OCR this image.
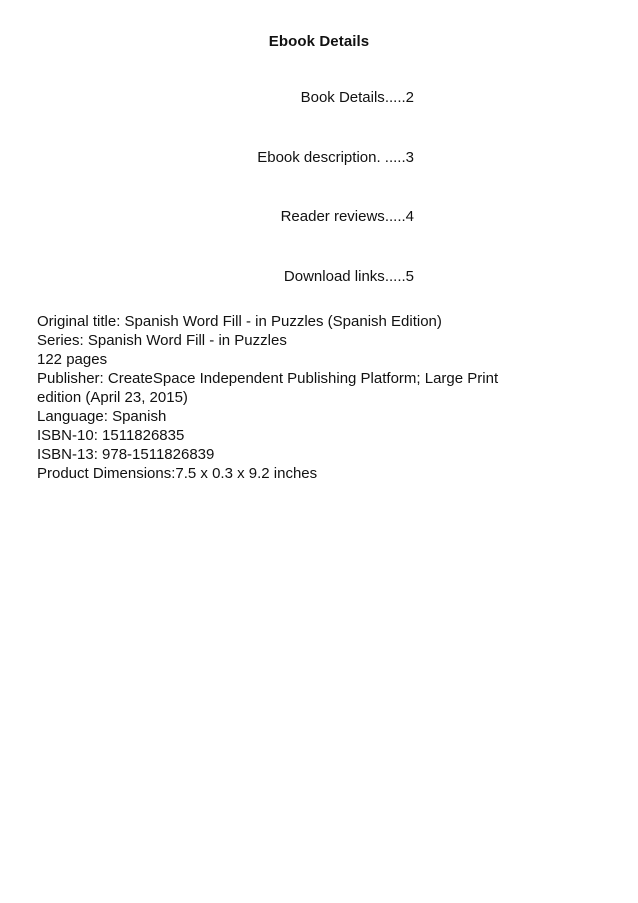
Ebook Details
Book Details.....2
Ebook description. .....3
Reader reviews.....4
Download links.....5
Original title: Spanish Word Fill - in Puzzles (Spanish Edition)
Series: Spanish Word Fill - in Puzzles
122 pages
Publisher: CreateSpace Independent Publishing Platform; Large Print
edition (April 23, 2015)
Language: Spanish
ISBN-10: 1511826835
ISBN-13: 978-1511826839
Product Dimensions:7.5 x 0.3 x 9.2 inches
